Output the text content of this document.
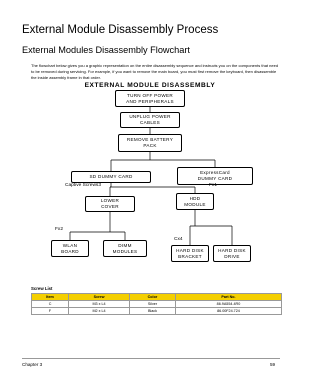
External Module Disassembly Process
External Modules Disassembly Flowchart
The flowchart below gives you a graphic representation on the entire disassembly sequence and instructs you on the components that need to be removed during servicing. For example, if you want to remove the main board, you must first remove the keyboard, then disassemble the inside assembly frame in that order.
EXTERNAL MODULE DISASSEMBLY
TURN OFF POWER
AND PERIPHERALS
UNPLUG POWER
CABLES
REMOVE BATTERY
PACK
SD DUMMY CARD
ExpressCard
DUMMY CARD
LOWER
COVER
HDD
MODULE
WLAN
BOARD
DIMM
MODULES	HARD DISK
BRACKET
HARD DISK
DRIVE
Captive Screws3	Fx1
Fx2
Cx4
Screw List
Item	Screw	Color	Part No.
C	M3 x L4	Silver	86.9A554.4R0
F	M2 x L4	Black	86.00F24.724
Chapter 3	59
